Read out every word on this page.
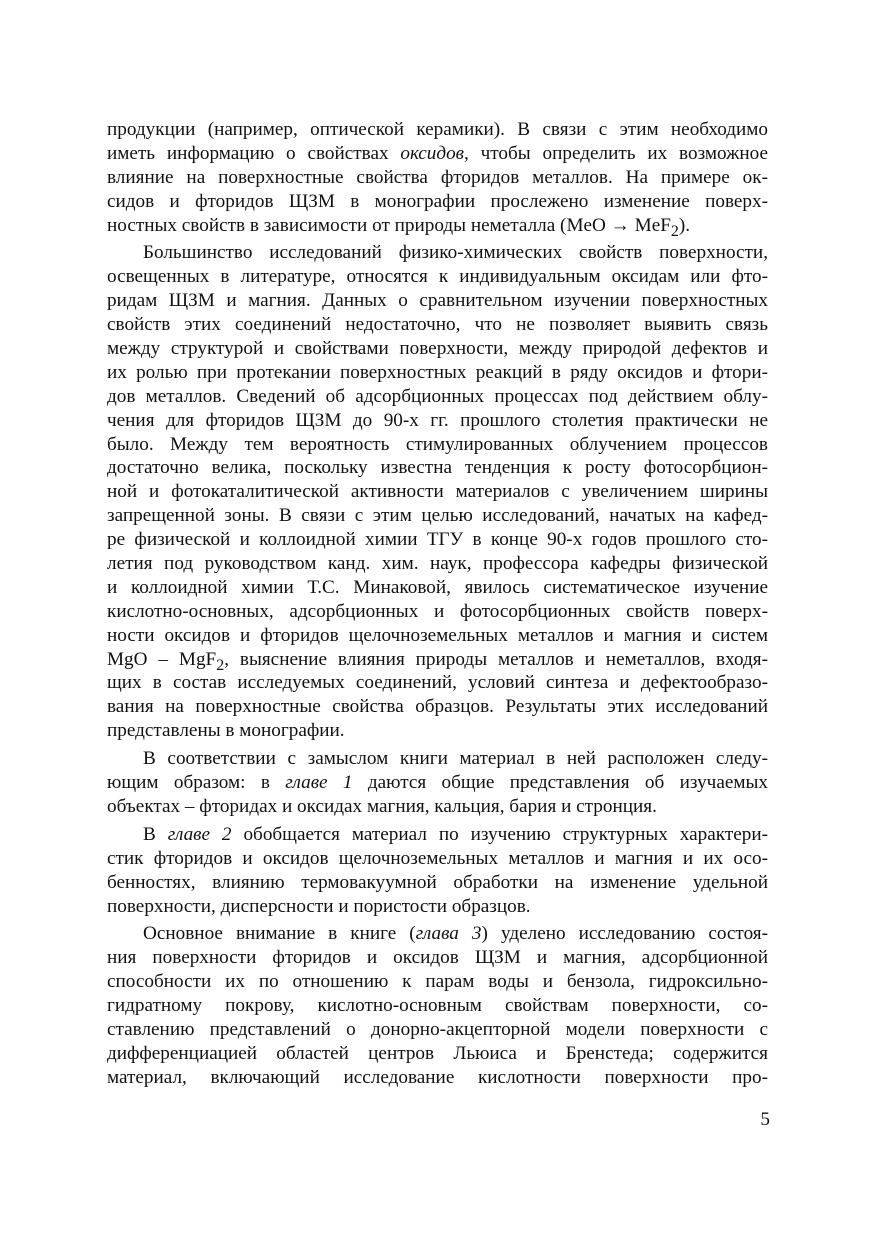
продукции (например, оптической керамики). В связи с этим необходимо
иметь информацию о свойствах оксидов, чтобы определить их возможное
влияние на поверхностные свойства фторидов металлов. На примере ок-
сидов и фторидов ЩЗМ в монографии прослежено изменение поверх-
ностных свойств в зависимости от природы неметалла (MeO → MeF$_2$).
Большинство исследований физико-химических свойств поверхности,
освещенных в литературе, относятся к индивидуальным оксидам или фто-
ридам ЩЗМ и магния. Данных о сравнительном изучении поверхностных
свойств этих соединений недостаточно, что не позволяет выявить связь
между структурой и свойствами поверхности, между природой дефектов и
их ролью при протекании поверхностных реакций в ряду оксидов и фтори-
дов металлов. Сведений об адсорбционных процессах под действием облу-
чения для фторидов ЩЗМ до 90-х гг. прошлого столетия практически не
было. Между тем вероятность стимулированных облучением процессов
достаточно велика, поскольку известна тенденция к росту фотосорбцион-
ной и фотокаталитической активности материалов с увеличением ширины
запрещенной зоны. В связи с этим целью исследований, начатых на кафед-
ре физической и коллоидной химии ТГУ в конце 90-х годов прошлого сто-
летия под руководством канд. хим. наук, профессора кафедры физической
и коллоидной химии Т.С. Минаковой, явилось систематическое изучение
кислотно-основных, адсорбционных и фотосорбционных свойств поверх-
ности оксидов и фторидов щелочноземельных металлов и магния и систем
MgO – MgF$_2$, выяснение влияния природы металлов и неметаллов, входя-
щих в состав исследуемых соединений, условий синтеза и дефектообразо-
вания на поверхностные свойства образцов. Результаты этих исследований
представлены в монографии.
В соответствии с замыслом книги материал в ней расположен следу-
ющим образом: в главе 1 даются общие представления об изучаемых
объектах – фторидах и оксидах магния, кальция, бария и стронция.
В главе 2 обобщается материал по изучению структурных характери-
стик фторидов и оксидов щелочноземельных металлов и магния и их осо-
бенностях, влиянию термовакуумной обработки на изменение удельной
поверхности, дисперсности и пористости образцов.
Основное внимание в книге (глава 3) уделено исследованию состоя-
ния поверхности фторидов и оксидов ЩЗМ и магния, адсорбционной
способности их по отношению к парам воды и бензола, гидроксильно-
гидратному покрову, кислотно-основным свойствам поверхности, со-
ставлению представлений о донорно-акцепторной модели поверхности с
дифференциацией областей центров Льюиса и Бренстеда; содержится
материал, включающий исследование кислотности поверхности про-
5
